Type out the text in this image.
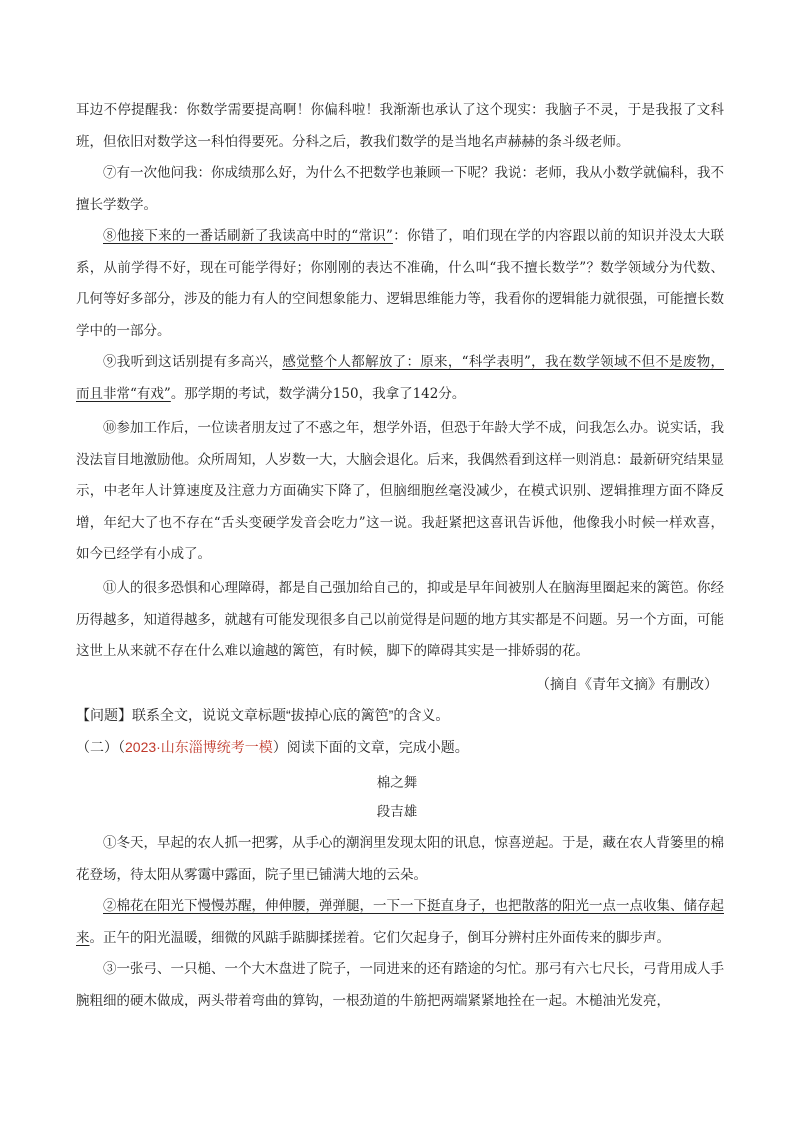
耳边不停提醒我：你数学需要提高啊！你偏科啦！我渐渐也承认了这个现实：我脑子不灵，于是我报了文科班，但依旧对数学这一科怕得要死。分科之后，教我们数学的是当地名声赫赫的条斗级老师。
⑦有一次他问我：你成绩那么好，为什么不把数学也兼顾一下呢？我说：老师，我从小数学就偏科，我不擅长学数学。
⑧他接下来的一番话刷新了我读高中时的“常识”：你错了，咱们现在学的内容跟以前的知识并没太大联系，从前学得不好，现在可能学得好；你刚刚的表达不准确，什么叫“我不擅长数学”？数学领域分为代数、几何等好多部分，涉及的能力有人的空间想象能力、逻辑思维能力等，我看你的逻辑能力就很强，可能擅长数学中的一部分。
⑨我听到这话别提有多高兴，感觉整个人都解放了：原来，“科学表明”，我在数学领域不但不是废物，而且非常“有戏”。那学期的考试，数学满分150，我拿了142分。
⑩参加工作后，一位读者朋友过了不惑之年，想学外语，但恐于年龄大学不成，问我怎么办。说实话，我没法盲目地激励他。众所周知，人岁数一大，大脑会退化。后来，我偶然看到这样一则消息：最新研究结果显示，中老年人计算速度及注意力方面确实下降了，但脑细胞丝毫没减少，在模式识别、逻辑推理方面不降反增，年纪大了也不存在“舌头变硬学发音会吃力”这一说。我赶紧把这喜讯告诉他，他像我小时候一样欢喜，如今已经学有小成了。
⑪人的很多恐惧和心理障碍，都是自己强加给自己的，抑或是早年间被别人在脑海里圈起来的篱笆。你经历得越多，知道得越多，就越有可能发现很多自己以前觉得是问题的地方其实都是不问题。另一个方面，可能这世上从来就不存在什么难以逾越的篱笆，有时候，脚下的障碍其实是一排娇弱的花。
（摘自《青年文摘》有删改）
【问题】联系全文，说说文章标题“拔掉心底的篱笆”的含义。
（二）（2023·山东淄博统考一模）阅读下面的文章，完成小题。
棉之舞
段吉雄
①冬天，早起的农人抓一把雾，从手心的潮润里发现太阳的讯息，惊喜逆起。于是，藏在农人背篓里的棉花登场，待太阳从雾霭中露面，院子里已铺满大地的云朵。
②棉花在阳光下慢慢苏醒，伸伸腰，弹弹腿，一下一下挺直身子，也把散落的阳光一点一点收集、储存起来。正午的阳光温暖，细微的风踮手踮脚揉搓着。它们欠起身子，倒耳分辨村庄外面传来的脚步声。
③一张弓、一只槌、一个大木盘进了院子，一同进来的还有踏途的匀忙。那弓有六七尺长，弓背用成人手腕粗细的硬木做成，两头带着弯曲的算钩，一根劲道的牛筋把两端紧紧地拴在一起。木槌油光发亮，
